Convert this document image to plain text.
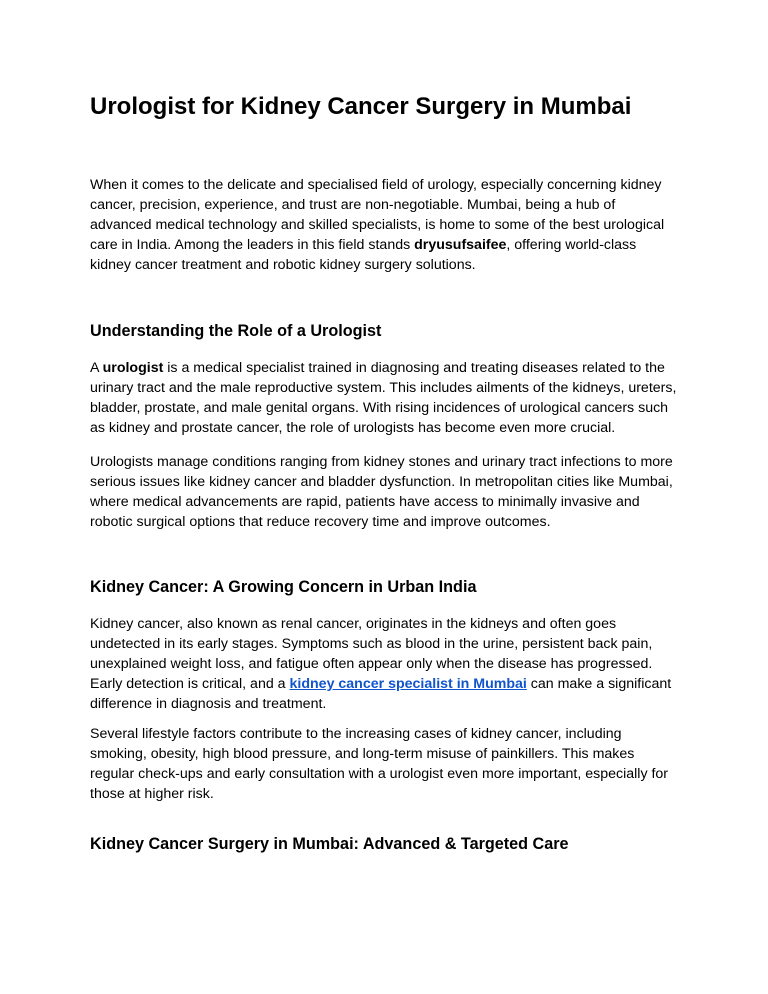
Urologist for Kidney Cancer Surgery in Mumbai

When it comes to the delicate and specialised field of urology, especially concerning kidney cancer, precision, experience, and trust are non-negotiable. Mumbai, being a hub of advanced medical technology and skilled specialists, is home to some of the best urological care in India. Among the leaders in this field stands dryusufsaifee, offering world-class kidney cancer treatment and robotic kidney surgery solutions.

Understanding the Role of a Urologist

A urologist is a medical specialist trained in diagnosing and treating diseases related to the urinary tract and the male reproductive system. This includes ailments of the kidneys, ureters, bladder, prostate, and male genital organs. With rising incidences of urological cancers such as kidney and prostate cancer, the role of urologists has become even more crucial.

Urologists manage conditions ranging from kidney stones and urinary tract infections to more serious issues like kidney cancer and bladder dysfunction. In metropolitan cities like Mumbai, where medical advancements are rapid, patients have access to minimally invasive and robotic surgical options that reduce recovery time and improve outcomes.

Kidney Cancer: A Growing Concern in Urban India

Kidney cancer, also known as renal cancer, originates in the kidneys and often goes undetected in its early stages. Symptoms such as blood in the urine, persistent back pain, unexplained weight loss, and fatigue often appear only when the disease has progressed. Early detection is critical, and a kidney cancer specialist in Mumbai can make a significant difference in diagnosis and treatment.

Several lifestyle factors contribute to the increasing cases of kidney cancer, including smoking, obesity, high blood pressure, and long-term misuse of painkillers. This makes regular check-ups and early consultation with a urologist even more important, especially for those at higher risk.

Kidney Cancer Surgery in Mumbai: Advanced & Targeted Care
